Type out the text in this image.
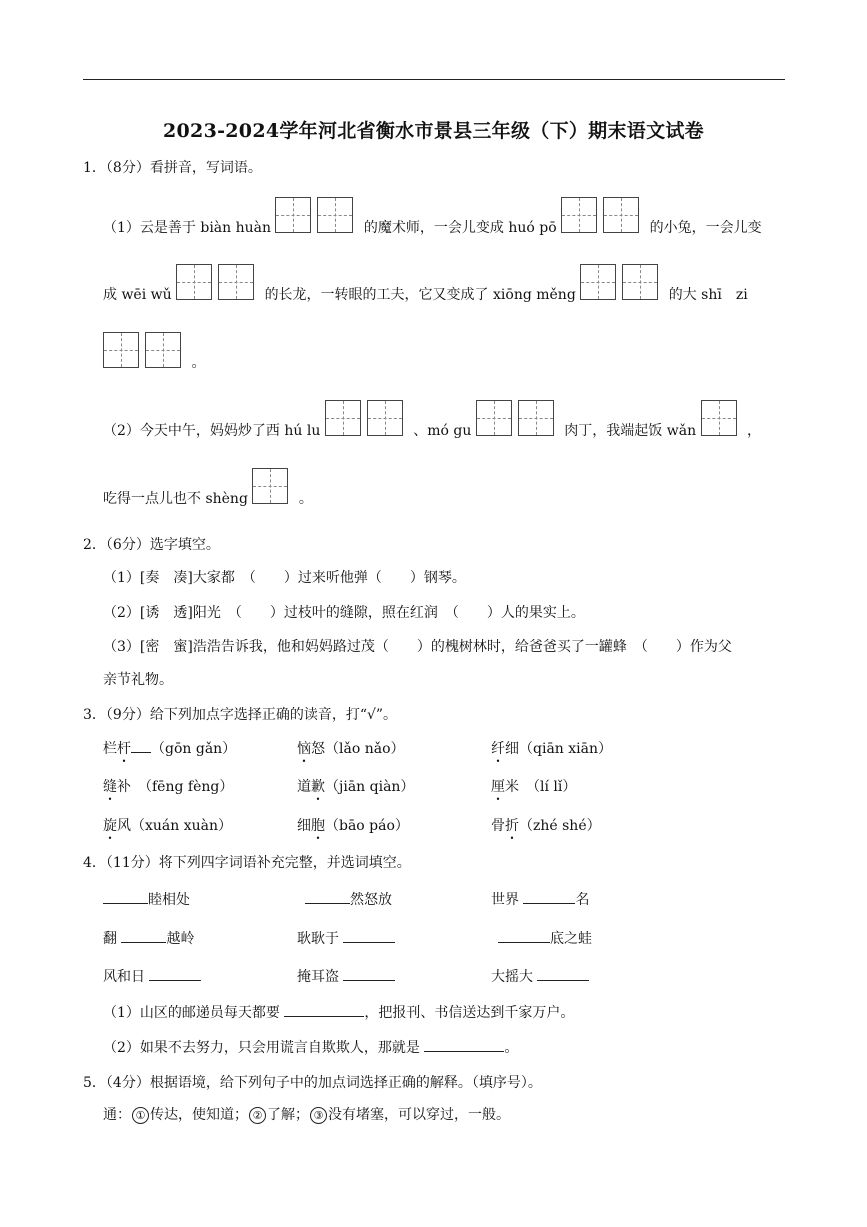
2023-2024学年河北省衡水市景县三年级（下）期末语文试卷
1．（8分）看拼音，写词语。
（1）云是善于 biàn huàn	的魔术师，一会儿变成 huó pō	的小兔，一会儿变
成 wēi wǔ	的长龙，一转眼的工夫，它又变成了 xiōng měng	的大 shī　zi
。
（2）今天中午，妈妈炒了西 hú lu	、mó gu	肉丁，我端起饭 wǎn	，
吃得一点儿也不 shèng	。
2．（6分）选字填空。
（1）[奏　凑]大家都　（　　）过来听他弹（　　）钢琴。
（2）[诱　透]阳光　（　　）过枝叶的缝隙，照在红润　（　　）人的果实上。
（3）[密　蜜]浩浩告诉我，他和妈妈路过茂（　　）的槐树林时，给爸爸买了一罐蜂　（　　）作为父
亲节礼物。
3．（9分）给下列加点字选择正确的读音，打“√”。
栏杆 （gōn gǎn）	恼怒（lǎo nǎo）	纤细（qiān xiān）
缝补　（fēng fèng）	道歉（jiān qiàn）	厘米　（lí lǐ）
旋风（xuán xuàn）	细胞（bāo páo）	骨折（zhé shé）
4．（11分）将下列四字词语补充完整，并选词填空。
睦相处	然怒放	世界	名
翻	越岭	耿耿于	底之蛙
风和日	掩耳盗	大摇大
（1）山区的邮递员每天都要	，把报刊、书信送达到千家万户。
（2）如果不去努力，只会用谎言自欺欺人，那就是	。
5．（4分）根据语境，给下列句子中的加点词选择正确的解释。（填序号）。
通： ① 传达，使知道； ② 了解； ③ 没有堵塞，可以穿过，一般。
